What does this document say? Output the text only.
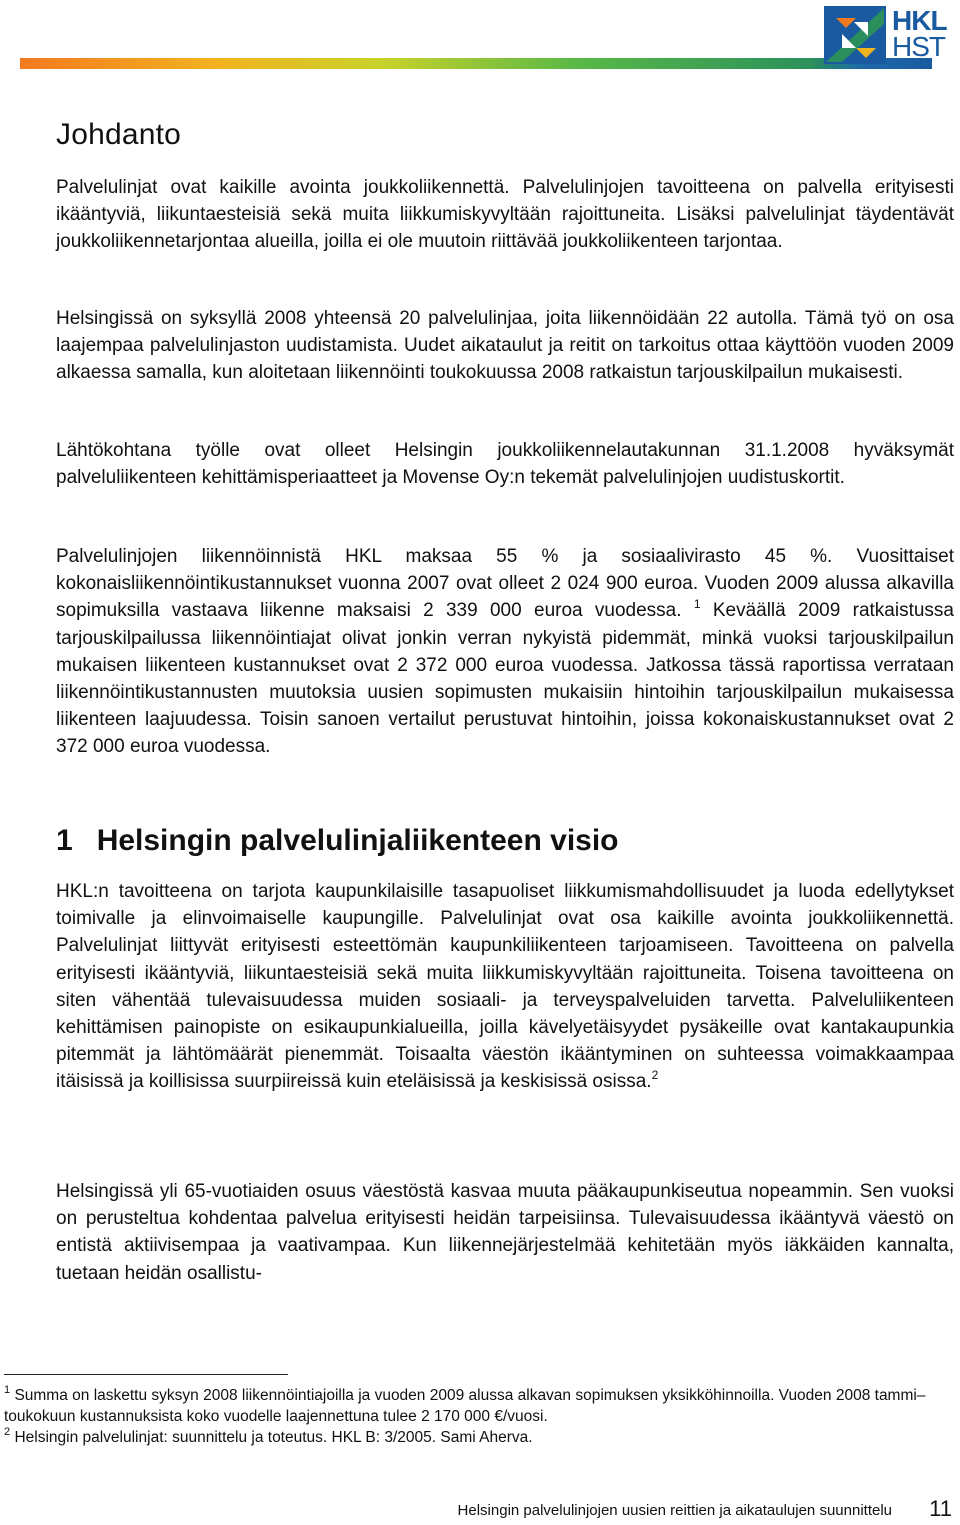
HKL
HST
Johdanto

Palvelulinjat ovat kaikille avointa joukkoliikennettä. Palvelulinjojen tavoitteena on palvella erityisesti ikääntyviä, liikuntaesteisiä sekä muita liikkumiskyvyltään rajoittuneita. Lisäksi palvelulinjat täydentävät joukkoliikennetarjontaa alueilla, joilla ei ole muutoin riittävää joukkoliikenteen tarjontaa.

Helsingissä on syksyllä 2008 yhteensä 20 palvelulinjaa, joita liikennöidään 22 autolla. Tämä työ on osa laajempaa palvelulinjaston uudistamista. Uudet aikataulut ja reitit on tarkoitus ottaa käyttöön vuoden 2009 alkaessa samalla, kun aloitetaan liikennöinti toukokuussa 2008 ratkaistun tarjouskilpailun mukaisesti.

Lähtökohtana työlle ovat olleet Helsingin joukkoliikennelautakunnan 31.1.2008 hyväksymät palveluliikenteen kehittämisperiaatteet ja Movense Oy:n tekemät palvelulinjojen uudistuskortit.

Palvelulinjojen liikennöinnistä HKL maksaa 55 % ja sosiaalivirasto 45 %. Vuosittaiset kokonaisliikennöintikustannukset vuonna 2007 ovat olleet 2 024 900 euroa. Vuoden 2009 alussa alkavilla sopimuksilla vastaava liikenne maksaisi 2 339 000 euroa vuodessa. $^1$ Keväällä 2009 ratkaistussa tarjouskilpailussa liikennöintiajat olivat jonkin verran nykyistä pidemmät, minkä vuoksi tarjouskilpailun mukaisen liikenteen kustannukset ovat 2 372 000 euroa vuodessa. Jatkossa tässä raportissa verrataan liikennöintikustannusten muutoksia uusien sopimusten mukaisiin hintoihin tarjouskilpailun mukaisessa liikenteen laajuudessa. Toisin sanoen vertailut perustuvat hintoihin, joissa kokonaiskustannukset ovat 2 372 000 euroa vuodessa.

1 Helsingin palvelulinjaliikenteen visio

HKL:n tavoitteena on tarjota kaupunkilaisille tasapuoliset liikkumismahdollisuudet ja luoda edellytykset toimivalle ja elinvoimaiselle kaupungille. Palvelulinjat ovat osa kaikille avointa joukkoliikennettä. Palvelulinjat liittyvät erityisesti esteettömän kaupunkiliikenteen tarjoamiseen. Tavoitteena on palvella erityisesti ikääntyviä, liikuntaesteisiä sekä muita liikkumiskyvyltään rajoittuneita. Toisena tavoitteena on siten vähentää tulevaisuudessa muiden sosiaali- ja terveyspalveluiden tarvetta. Palveluliikenteen kehittämisen painopiste on esikaupunkialueilla, joilla kävelyetäisyydet pysäkeille ovat kantakaupunkia pitemmät ja lähtömäärät pienemmät. Toisaalta väestön ikääntyminen on suhteessa voimakkaampaa itäisissä ja koillisissa suurpiireissä kuin eteläisissä ja keskisissä osissa.$^2$

Helsingissä yli 65-vuotiaiden osuus väestöstä kasvaa muuta pääkaupunkiseutua nopeammin. Sen vuoksi on perusteltua kohdentaa palvelua erityisesti heidän tarpeisiinsa. Tulevaisuudessa ikääntyvä väestö on entistä aktiivisempaa ja vaativampaa. Kun liikennejärjestelmää kehitetään myös iäkkäiden kannalta, tuetaan heidän osallistu-

$^1$ Summa on laskettu syksyn 2008 liikennöintiajoilla ja vuoden 2009 alussa alkavan sopimuksen yksikköhinnoilla. Vuoden 2008 tammi–toukokuun kustannuksista koko vuodelle laajennettuna tulee 2 170 000 €/vuosi.

$^2$ Helsingin palvelulinjat: suunnittelu ja toteutus. HKL B: 3/2005. Sami Aherva.

Helsingin palvelulinjojen uusien reittien ja aikataulujen suunnittelu 11
